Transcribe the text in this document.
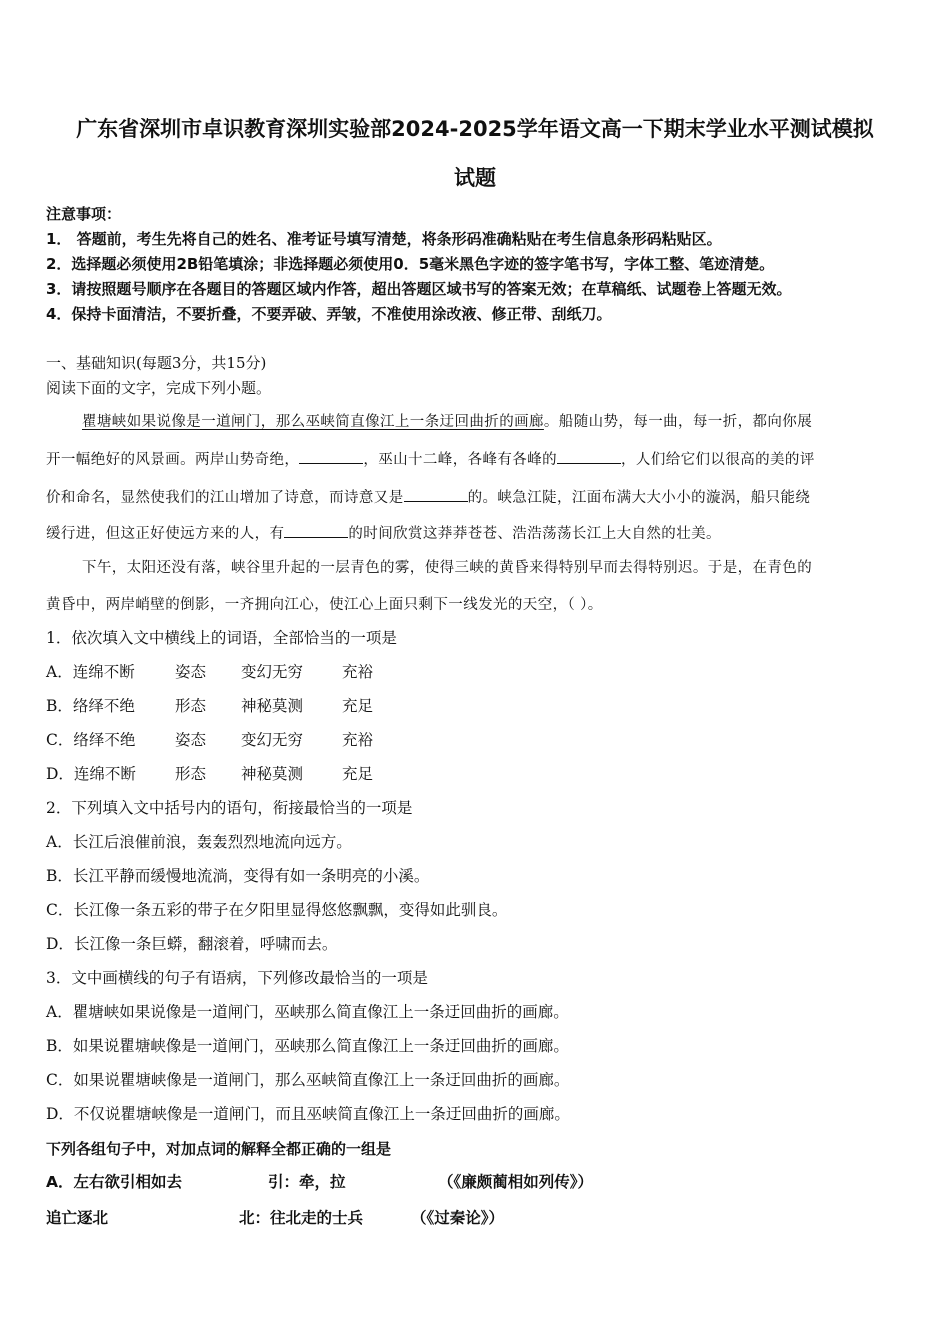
广东省深圳市卓识教育深圳实验部2024-2025学年语文高一下期末学业水平测试模拟
试题
注意事项：
1． 答题前，考生先将自己的姓名、准考证号填写清楚，将条形码准确粘贴在考生信息条形码粘贴区。
2．选择题必须使用2B铅笔填涂；非选择题必须使用0．5毫米黑色字迹的签字笔书写，字体工整、笔迹清楚。
3．请按照题号顺序在各题目的答题区域内作答，超出答题区域书写的答案无效；在草稿纸、试题卷上答题无效。
4．保持卡面清洁，不要折叠，不要弄破、弄皱，不准使用涂改液、修正带、刮纸刀。
一、基础知识(每题3分，共15分)
阅读下面的文字，完成下列小题。
瞿塘峡如果说像是一道闸门，那么巫峡简直像江上一条迂回曲折的画廊。船随山势，每一曲，每一折，都向你展
开一幅绝好的风景画。两岸山势奇绝，	，巫山十二峰，各峰有各峰的	，人们给它们以很高的美的评
价和命名，显然使我们的江山增加了诗意，而诗意又是	的。峡急江陡，江面布满大大小小的漩涡，船只能绕
缓行进，但这正好使远方来的人，有	的时间欣赏这莽莽苍苍、浩浩荡荡长江上大自然的壮美。
下午，太阳还没有落，峡谷里升起的一层青色的雾，使得三峡的黄昏来得特别早而去得特别迟。于是，在青色的
黄昏中，两岸峭壁的倒影，一齐拥向江心，使江心上面只剩下一线发光的天空，（ ）。
1．依次填入文中横线上的词语，全部恰当的一项是
A．连绵不断	姿态 变幻无穷	充裕
B．络绎不绝	形态 神秘莫测	充足
C．络绎不绝	姿态 变幻无穷	充裕
D．连绵不断	形态 神秘莫测	充足
2．下列填入文中括号内的语句，衔接最恰当的一项是
A．长江后浪催前浪，轰轰烈烈地流向远方。
B．长江平静而缓慢地流淌，变得有如一条明亮的小溪。
C．长江像一条五彩的带子在夕阳里显得悠悠飘飘，变得如此驯良。
D．长江像一条巨蟒，翻滚着，呼啸而去。
3．文中画横线的句子有语病，下列修改最恰当的一项是
A．瞿塘峡如果说像是一道闸门，巫峡那么简直像江上一条迂回曲折的画廊。
B．如果说瞿塘峡像是一道闸门，巫峡那么简直像江上一条迂回曲折的画廊。
C．如果说瞿塘峡像是一道闸门，那么巫峡简直像江上一条迂回曲折的画廊。
D．不仅说瞿塘峡像是一道闸门，而且巫峡简直像江上一条迂回曲折的画廊。
下列各组句子中，对加点词的解释全都正确的一组是
A．左右欲引相如去	引：牵，拉	（《廉颇蔺相如列传》）
追亡逐北	北：往北走的士兵	（《过秦论》）
